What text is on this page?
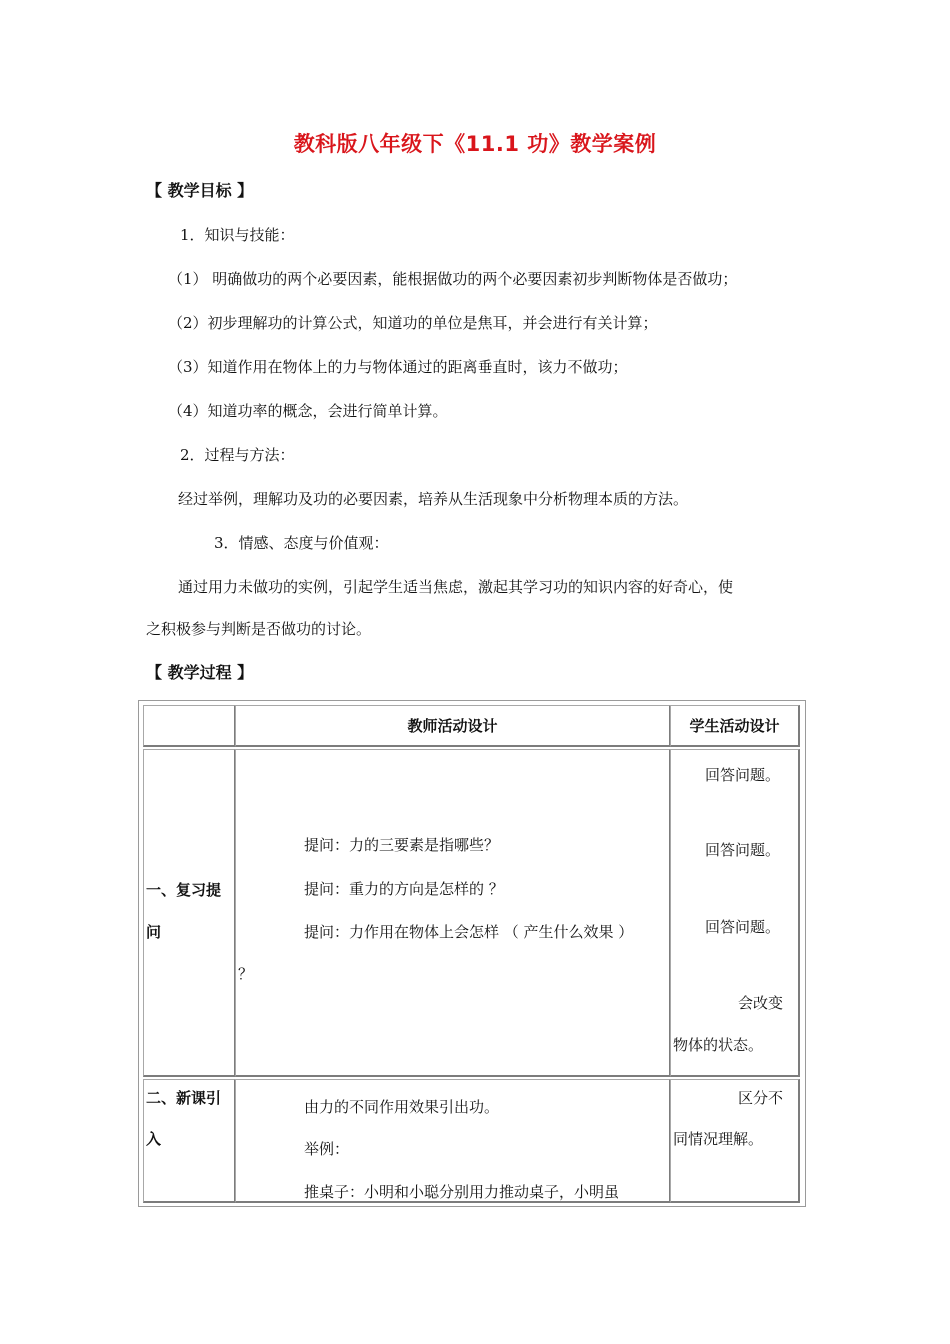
教科版八年级下《11.1 功》教学案例
【 教学目标 】
1．知识与技能：
（1） 明确做功的两个必要因素，能根据做功的两个必要因素初步判断物体是否做功；
（2）初步理解功的计算公式，知道功的单位是焦耳，并会进行有关计算；
（3）知道作用在物体上的力与物体通过的距离垂直时，该力不做功；
（4）知道功率的概念，会进行简单计算。
2．过程与方法：
经过举例，理解功及功的必要因素，培养从生活现象中分析物理本质的方法。
3．情感、态度与价值观：
通过用力未做功的实例，引起学生适当焦虑，激起其学习功的知识内容的好奇心，使
之积极参与判断是否做功的讨论。
【 教学过程 】
教师活动设计	学生活动设计
一、复习提
问
提问：力的三要素是指哪些？
提问：重力的方向是怎样的 ？
提问：力作用在物体上会怎样 （ 产生什么效果 ）
？
回答问题。
回答问题。
回答问题。
会改变
物体的状态。
二、新课引
入
由力的不同作用效果引出功。
举例：
推桌子：小明和小聪分别用力推动桌子，小明虽
区分不
同情况理解。
